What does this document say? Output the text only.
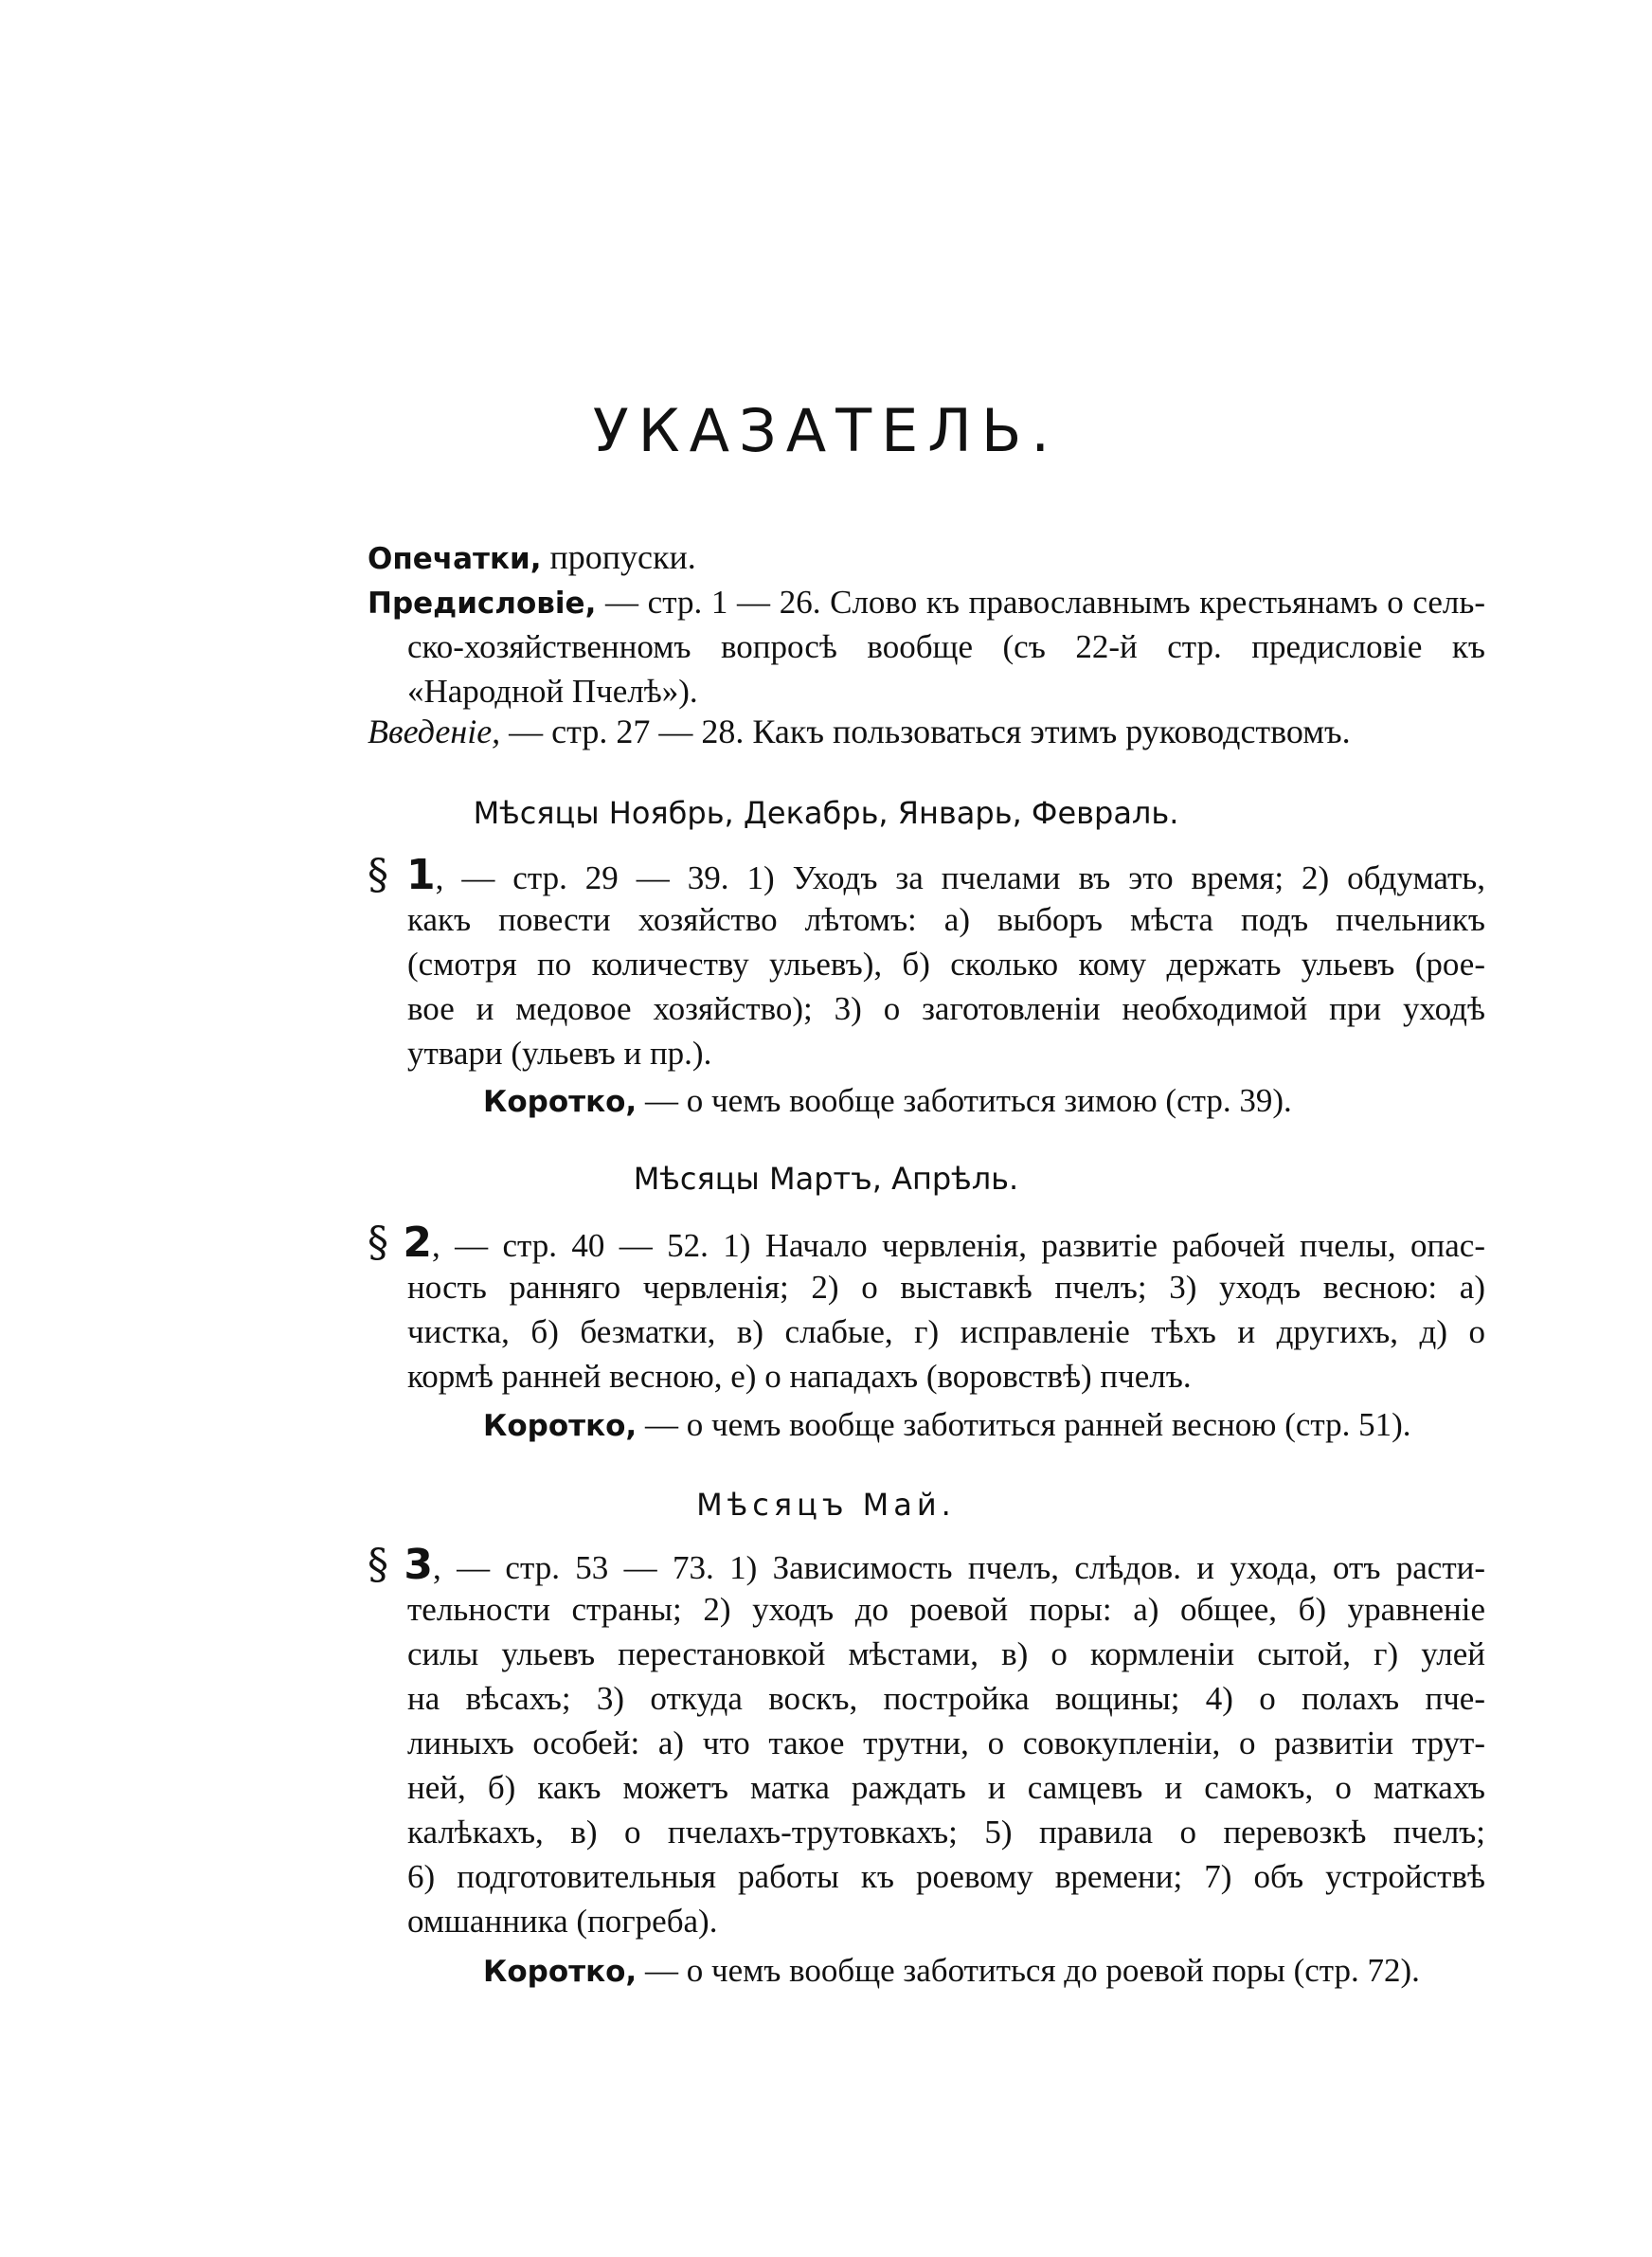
УКАЗАТЕЛЬ.
Опечатки, пропуски.
Предисловіе, — стр. 1 — 26. Слово къ православнымъ крестьянамъ о сель-
ско-хозяйственномъ вопросѣ вообще (съ 22-й стр. предисловіе къ
«Народной Пчелѣ»).
Введеніе, — стр. 27 — 28. Какъ пользоваться этимъ руководствомъ.
Мѣсяцы Ноябрь, Декабрь, Январь, Февраль.
§ 1, — стр. 29 — 39. 1) Уходъ за пчелами въ это время; 2) обдумать,
какъ повести хозяйство лѣтомъ: а) выборъ мѣста подъ пчельникъ
(смотря по количеству ульевъ), б) сколько кому держать ульевъ (рое-
вое и медовое хозяйство); 3) о заготовленіи необходимой при уходѣ
утвари (ульевъ и пр.).
Коротко, — о чемъ вообще заботиться зимою (стр. 39).
Мѣсяцы Мартъ, Апрѣль.
§ 2, — стр. 40 — 52. 1) Начало червленія, развитіе рабочей пчелы, опас-
ность ранняго червленія; 2) о выставкѣ пчелъ; 3) уходъ весною: а)
чистка, б) безматки, в) слабые, г) исправленіе тѣхъ и другихъ, д) о
кормѣ ранней весною, е) о нападахъ (воровствѣ) пчелъ.
Коротко, — о чемъ вообще заботиться ранней весною (стр. 51).
Мѣсяцъ Май.
§ 3, — стр. 53 — 73. 1) Зависимость пчелъ, слѣдов. и ухода, отъ расти-
тельности страны; 2) уходъ до роевой поры: а) общее, б) уравненіе
силы ульевъ перестановкой мѣстами, в) о кормленіи сытой, г) улей
на вѣсахъ; 3) откуда воскъ, постройка вощины; 4) о полахъ пче-
линыхъ особей: а) что такое трутни, о совокупленіи, о развитіи трут-
ней, б) какъ можетъ матка раждать и самцевъ и самокъ, о маткахъ
калѣкахъ, в) о пчелахъ-трутовкахъ; 5) правила о перевозкѣ пчелъ;
6) подготовительныя работы къ роевому времени; 7) объ устройствѣ
омшанника (погреба).
Коротко, — о чемъ вообще заботиться до роевой поры (стр. 72).
